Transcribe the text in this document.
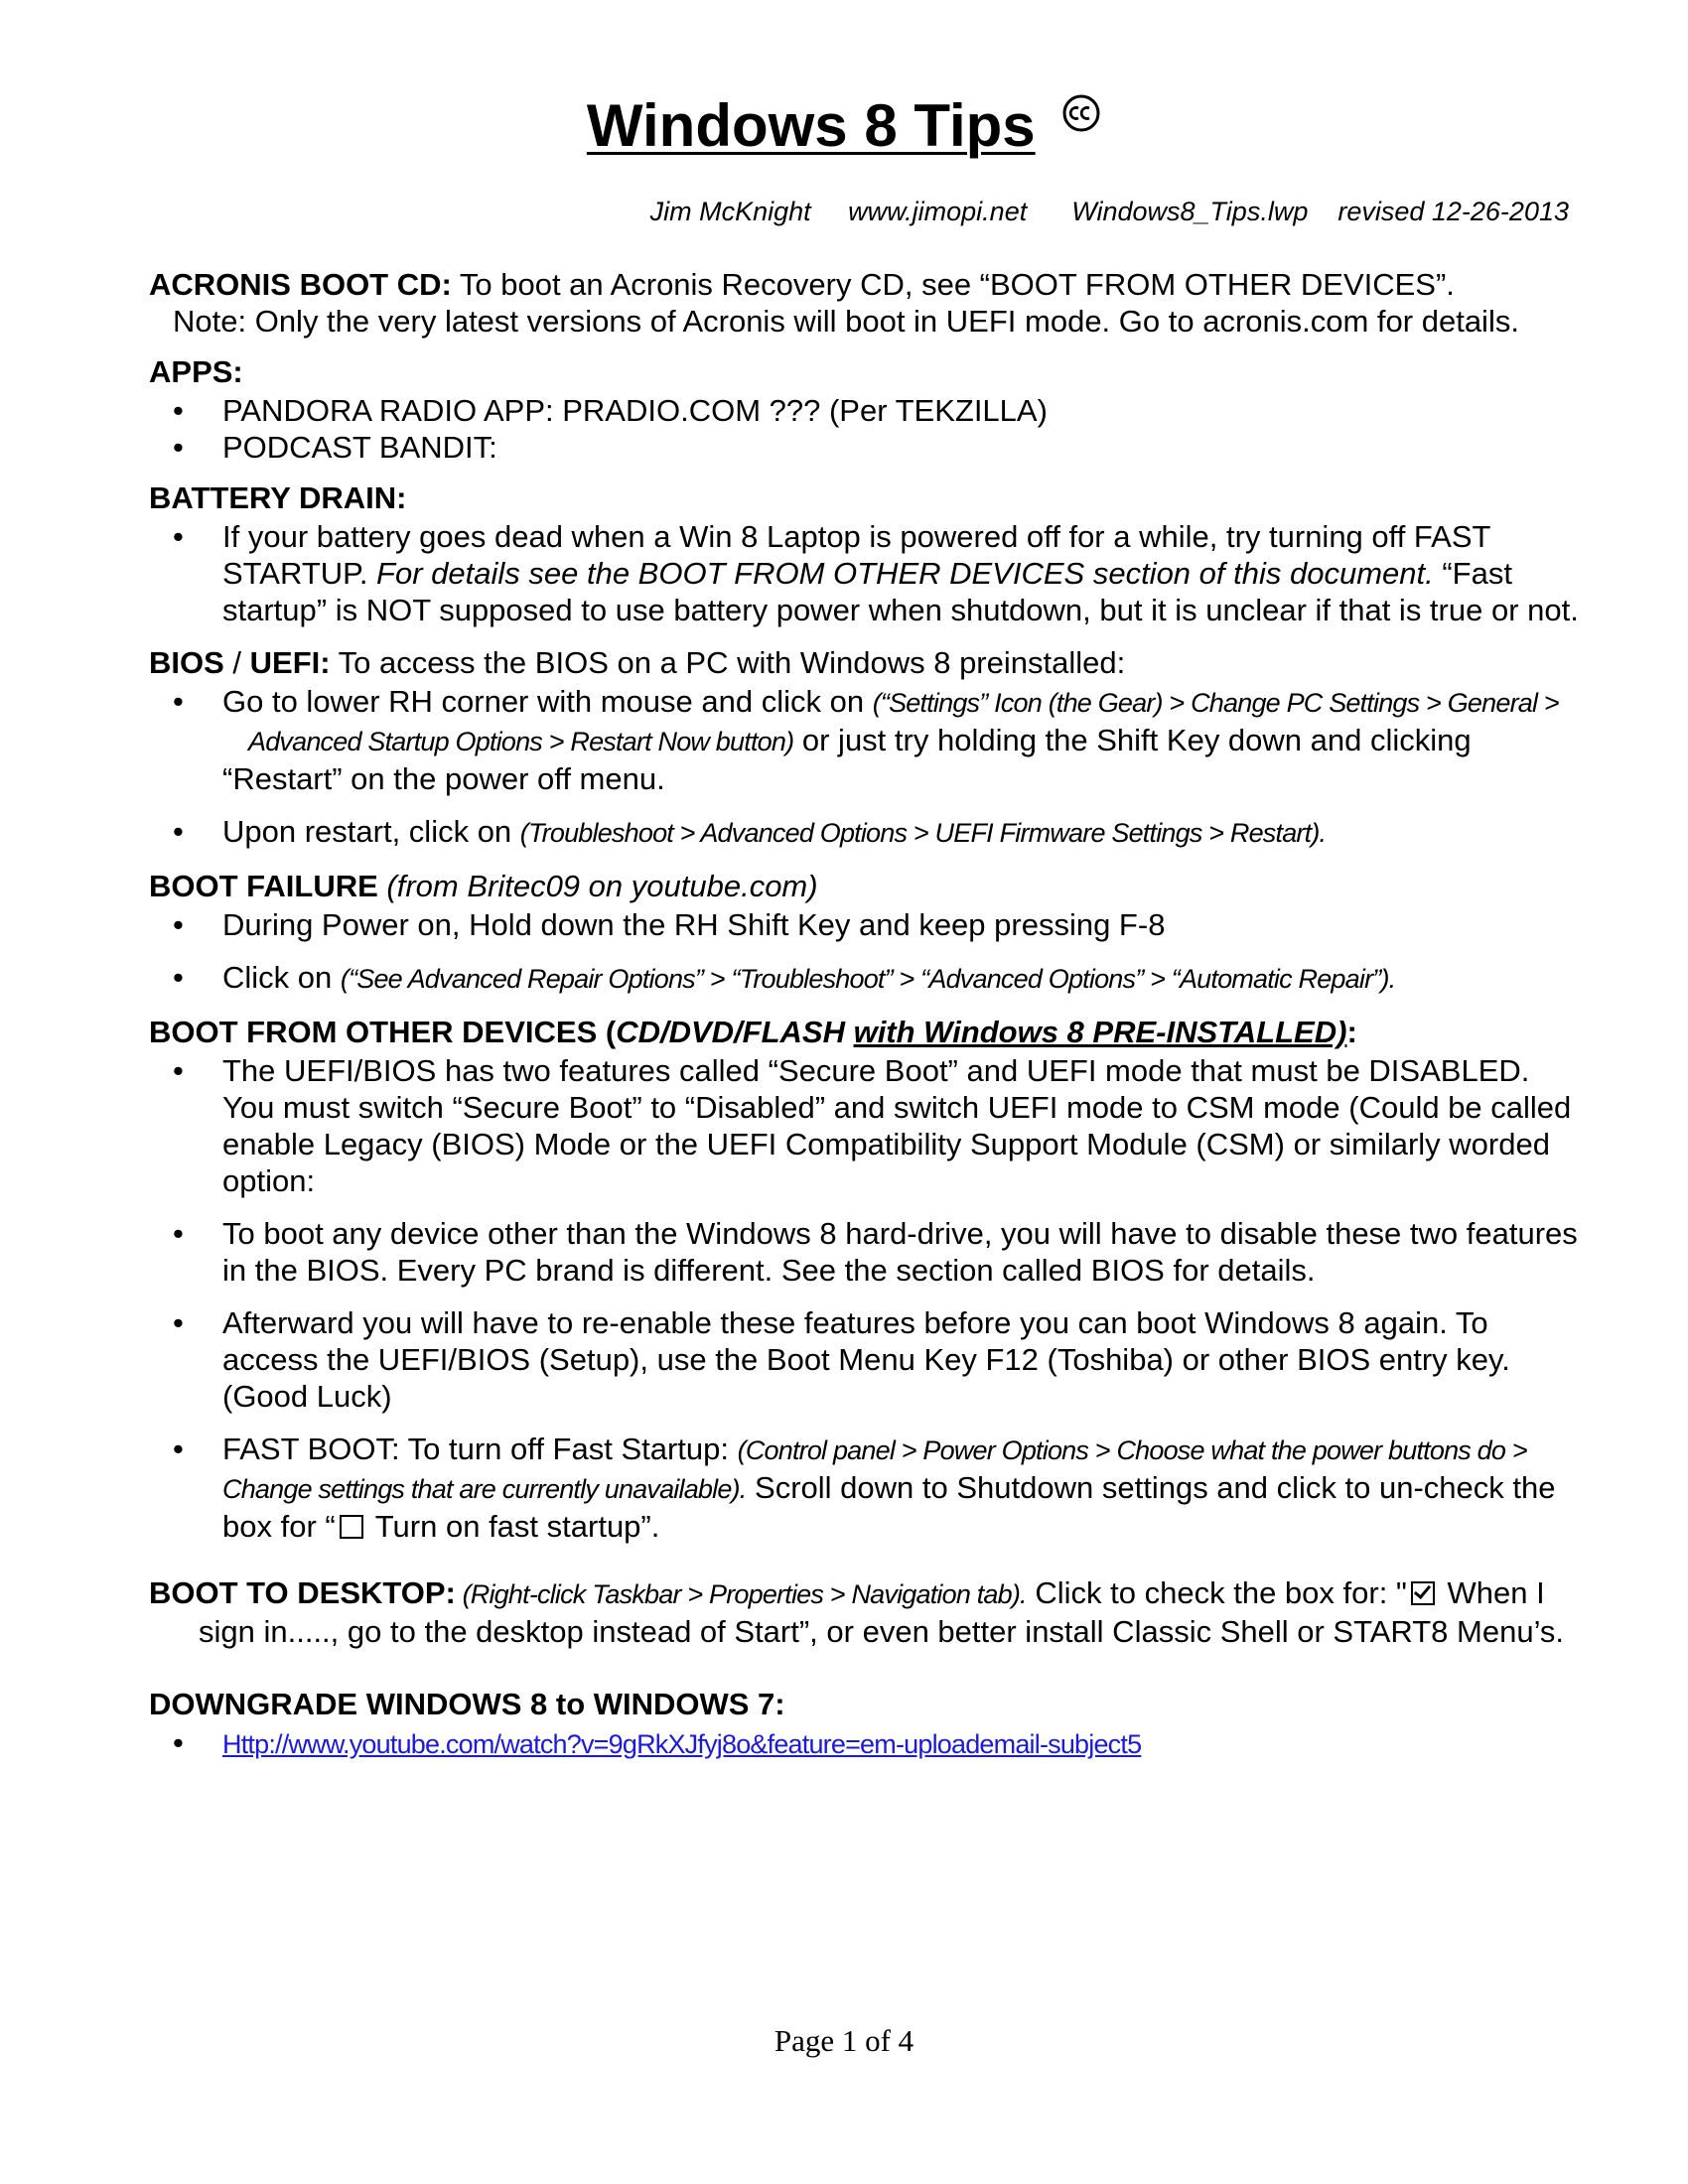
Windows 8 Tips
Jim McKnight     www.jimopi.net      Windows8_Tips.lwp    revised 12-26-2013
ACRONIS BOOT CD: To boot an Acronis Recovery CD, see “BOOT FROM OTHER DEVICES”.
Note: Only the very latest versions of Acronis will boot in UEFI mode. Go to acronis.com for details.
APPS:
• PANDORA RADIO APP: PRADIO.COM ??? (Per TEKZILLA)
• PODCAST BANDIT:
BATTERY DRAIN:
• If your battery goes dead when a Win 8 Laptop is powered off for a while, try turning off FAST STARTUP. For details see the BOOT FROM OTHER DEVICES section of this document. “Fast startup” is NOT supposed to use battery power when shutdown, but it is unclear if that is true or not.
BIOS / UEFI: To access the BIOS on a PC with Windows 8 preinstalled:
• Go to lower RH corner with mouse and click on (“Settings” Icon (the Gear) > Change PC Settings > General >
Advanced Startup Options > Restart Now button) or just try holding the Shift Key down and clicking “Restart” on the power off menu.
• Upon restart, click on (Troubleshoot > Advanced Options > UEFI Firmware Settings > Restart).
BOOT FAILURE (from Britec09 on youtube.com)
• During Power on, Hold down the RH Shift Key and keep pressing F-8
• Click on (“See Advanced Repair Options” > “Troubleshoot” > “Advanced Options” > “Automatic Repair”).
BOOT FROM OTHER DEVICES (CD/DVD/FLASH with Windows 8 PRE-INSTALLED):
• The UEFI/BIOS has two features called “Secure Boot” and UEFI mode that must be DISABLED. You must switch “Secure Boot” to “Disabled” and switch UEFI mode to CSM mode (Could be called enable Legacy (BIOS) Mode or the UEFI Compatibility Support Module (CSM) or similarly worded option:
• To boot any device other than the Windows 8 hard-drive, you will have to disable these two features in the BIOS. Every PC brand is different. See the section called BIOS for details.
• Afterward you will have to re-enable these features before you can boot Windows 8 again. To access the UEFI/BIOS (Setup), use the Boot Menu Key F12 (Toshiba) or other BIOS entry key. (Good Luck)
• FAST BOOT: To turn off Fast Startup: (Control panel > Power Options > Choose what the power buttons do > Change settings that are currently unavailable). Scroll down to Shutdown settings and click to un-check the box for “ Turn on fast startup”.
BOOT TO DESKTOP: (Right-click Taskbar > Properties > Navigation tab). Click to check the box for: " When I sign in....., go to the desktop instead of Start”, or even better install Classic Shell or START8 Menu’s.
DOWNGRADE WINDOWS 8 to WINDOWS 7:
• Http://www.youtube.com/watch?v=9gRkXJfyj8o&feature=em-uploademail-subject5
Page 1 of 4
